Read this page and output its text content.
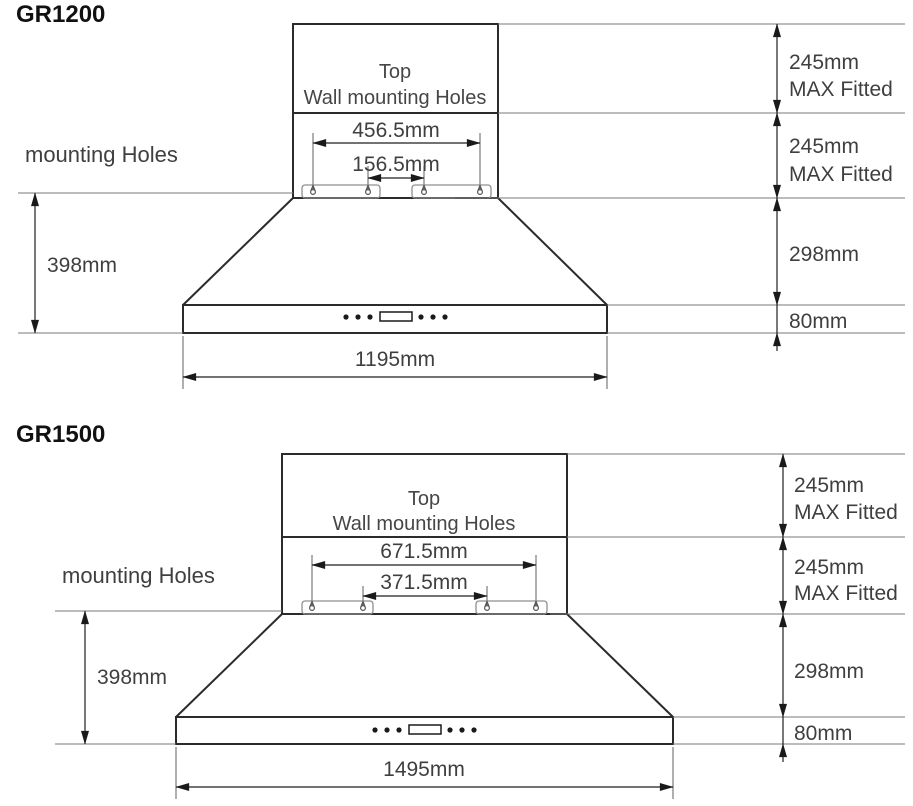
GR1200
Top
Wall mounting Holes
456.5mm
156.5mm
1195mm
mounting Holes
398mm
245mm
MAX Fitted
245mm
MAX Fitted
298mm
80mm
GR1500
Top
Wall mounting Holes
671.5mm
371.5mm
1495mm
mounting Holes
398mm
245mm
MAX Fitted
245mm
MAX Fitted
298mm
80mm
